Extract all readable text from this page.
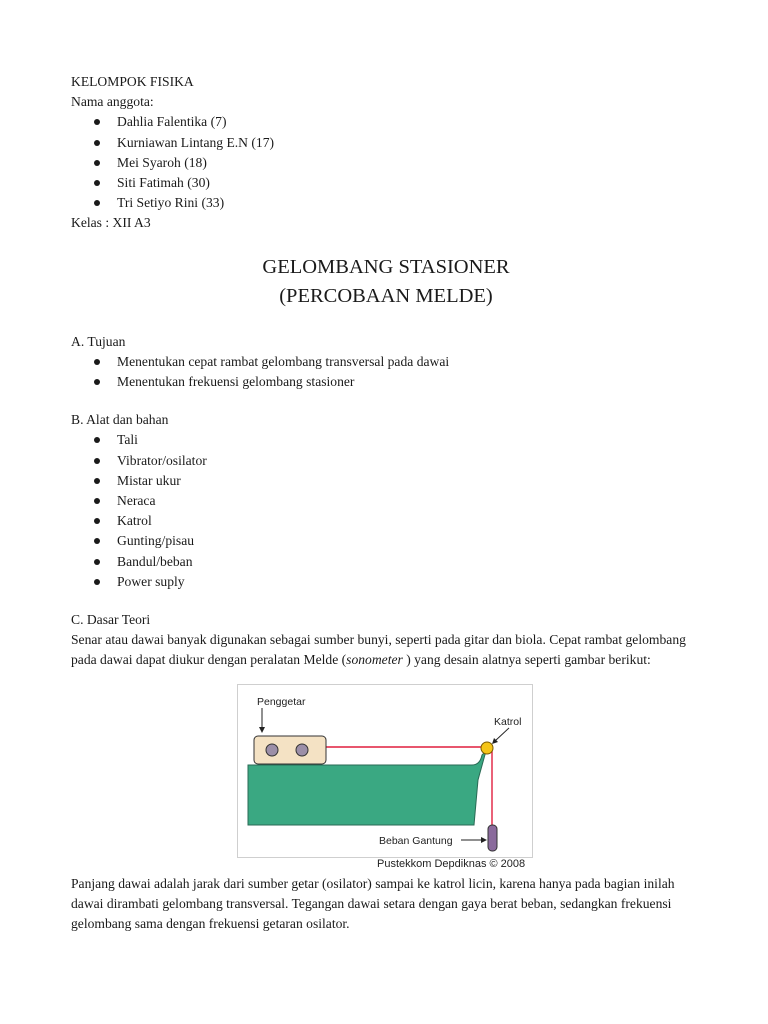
KELOMPOK FISIKA
Nama anggota:
Dahlia Falentika (7)
Kurniawan Lintang E.N (17)
Mei Syaroh (18)
Siti Fatimah (30)
Tri Setiyo Rini (33)
Kelas : XII A3
GELOMBANG STASIONER
(PERCOBAAN MELDE)
A. Tujuan
Menentukan cepat rambat gelombang transversal pada dawai
Menentukan frekuensi gelombang stasioner
B. Alat dan bahan
Tali
Vibrator/osilator
Mistar ukur
Neraca
Katrol
Gunting/pisau
Bandul/beban
Power suply
C. Dasar Teori
Senar atau dawai banyak digunakan sebagai sumber bunyi, seperti pada gitar dan biola. Cepat rambat gelombang pada dawai dapat diukur dengan peralatan Melde (sonometer ) yang desain alatnya seperti gambar berikut:
Penggetar
Katrol
Beban Gantung
Pustekkom Depdiknas © 2008
Panjang dawai adalah jarak dari sumber getar (osilator) sampai ke katrol licin, karena hanya pada bagian inilah dawai dirambati gelombang transversal. Tegangan dawai setara dengan gaya berat beban, sedangkan frekuensi gelombang sama dengan frekuensi getaran osilator.
